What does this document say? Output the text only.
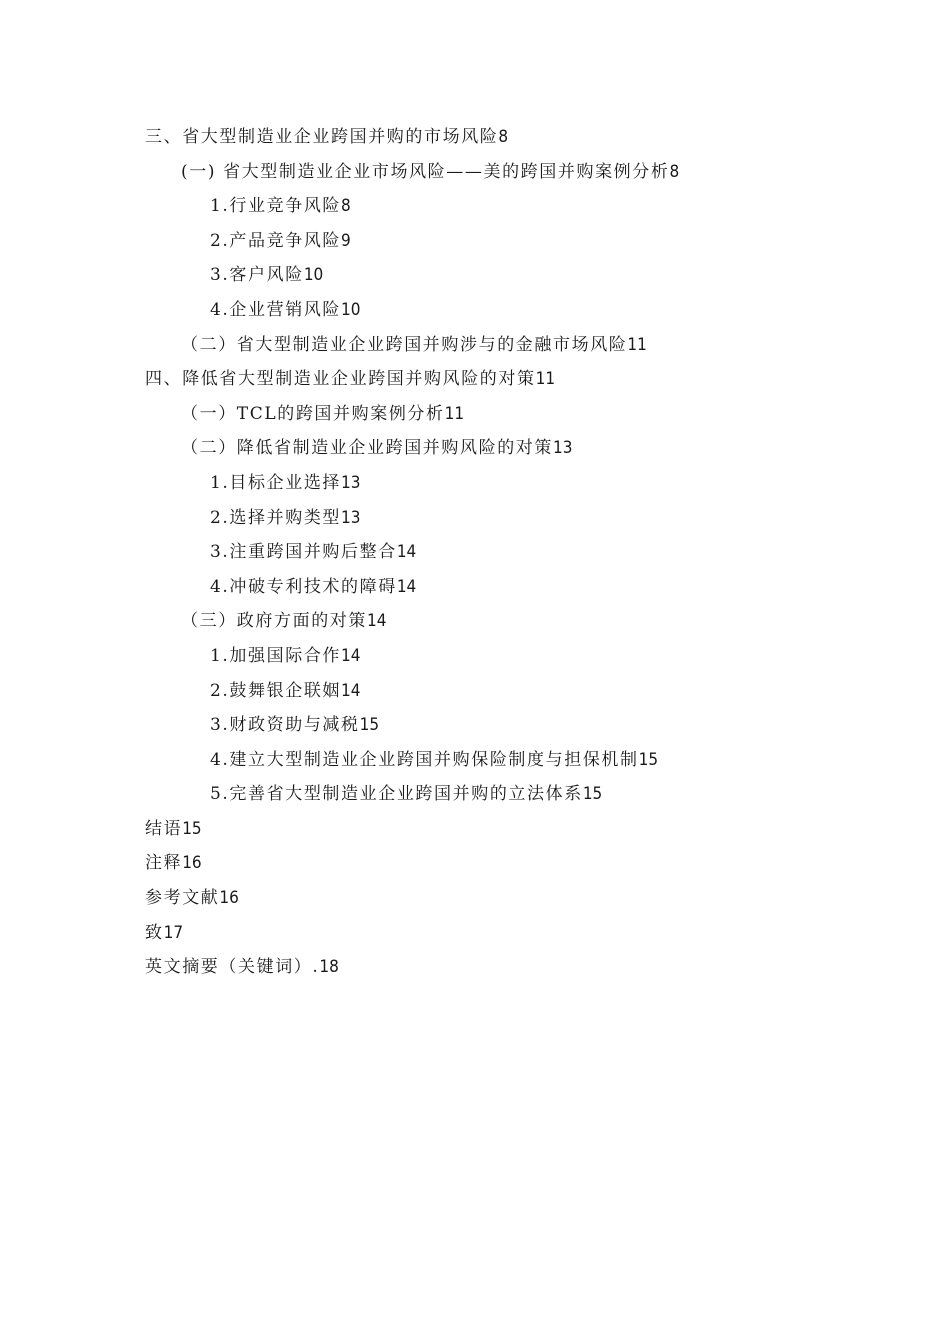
三、省大型制造业企业跨国并购的市场风险8
(一) 省大型制造业企业市场风险——美的跨国并购案例分析8
1.行业竞争风险8
2.产品竞争风险9
3.客户风险10
4.企业营销风险10
（二）省大型制造业企业跨国并购涉与的金融市场风险11
四、降低省大型制造业企业跨国并购风险的对策11
（一）TCL的跨国并购案例分析11
（二）降低省制造业企业跨国并购风险的对策13
1.目标企业选择13
2.选择并购类型13
3.注重跨国并购后整合14
4.冲破专利技术的障碍14
（三）政府方面的对策14
1.加强国际合作14
2.鼓舞银企联姻14
3.财政资助与减税15
4.建立大型制造业企业跨国并购保险制度与担保机制15
5.完善省大型制造业企业跨国并购的立法体系15
结语15
注释16
参考文献16
致17
英文摘要（关键词）.18
